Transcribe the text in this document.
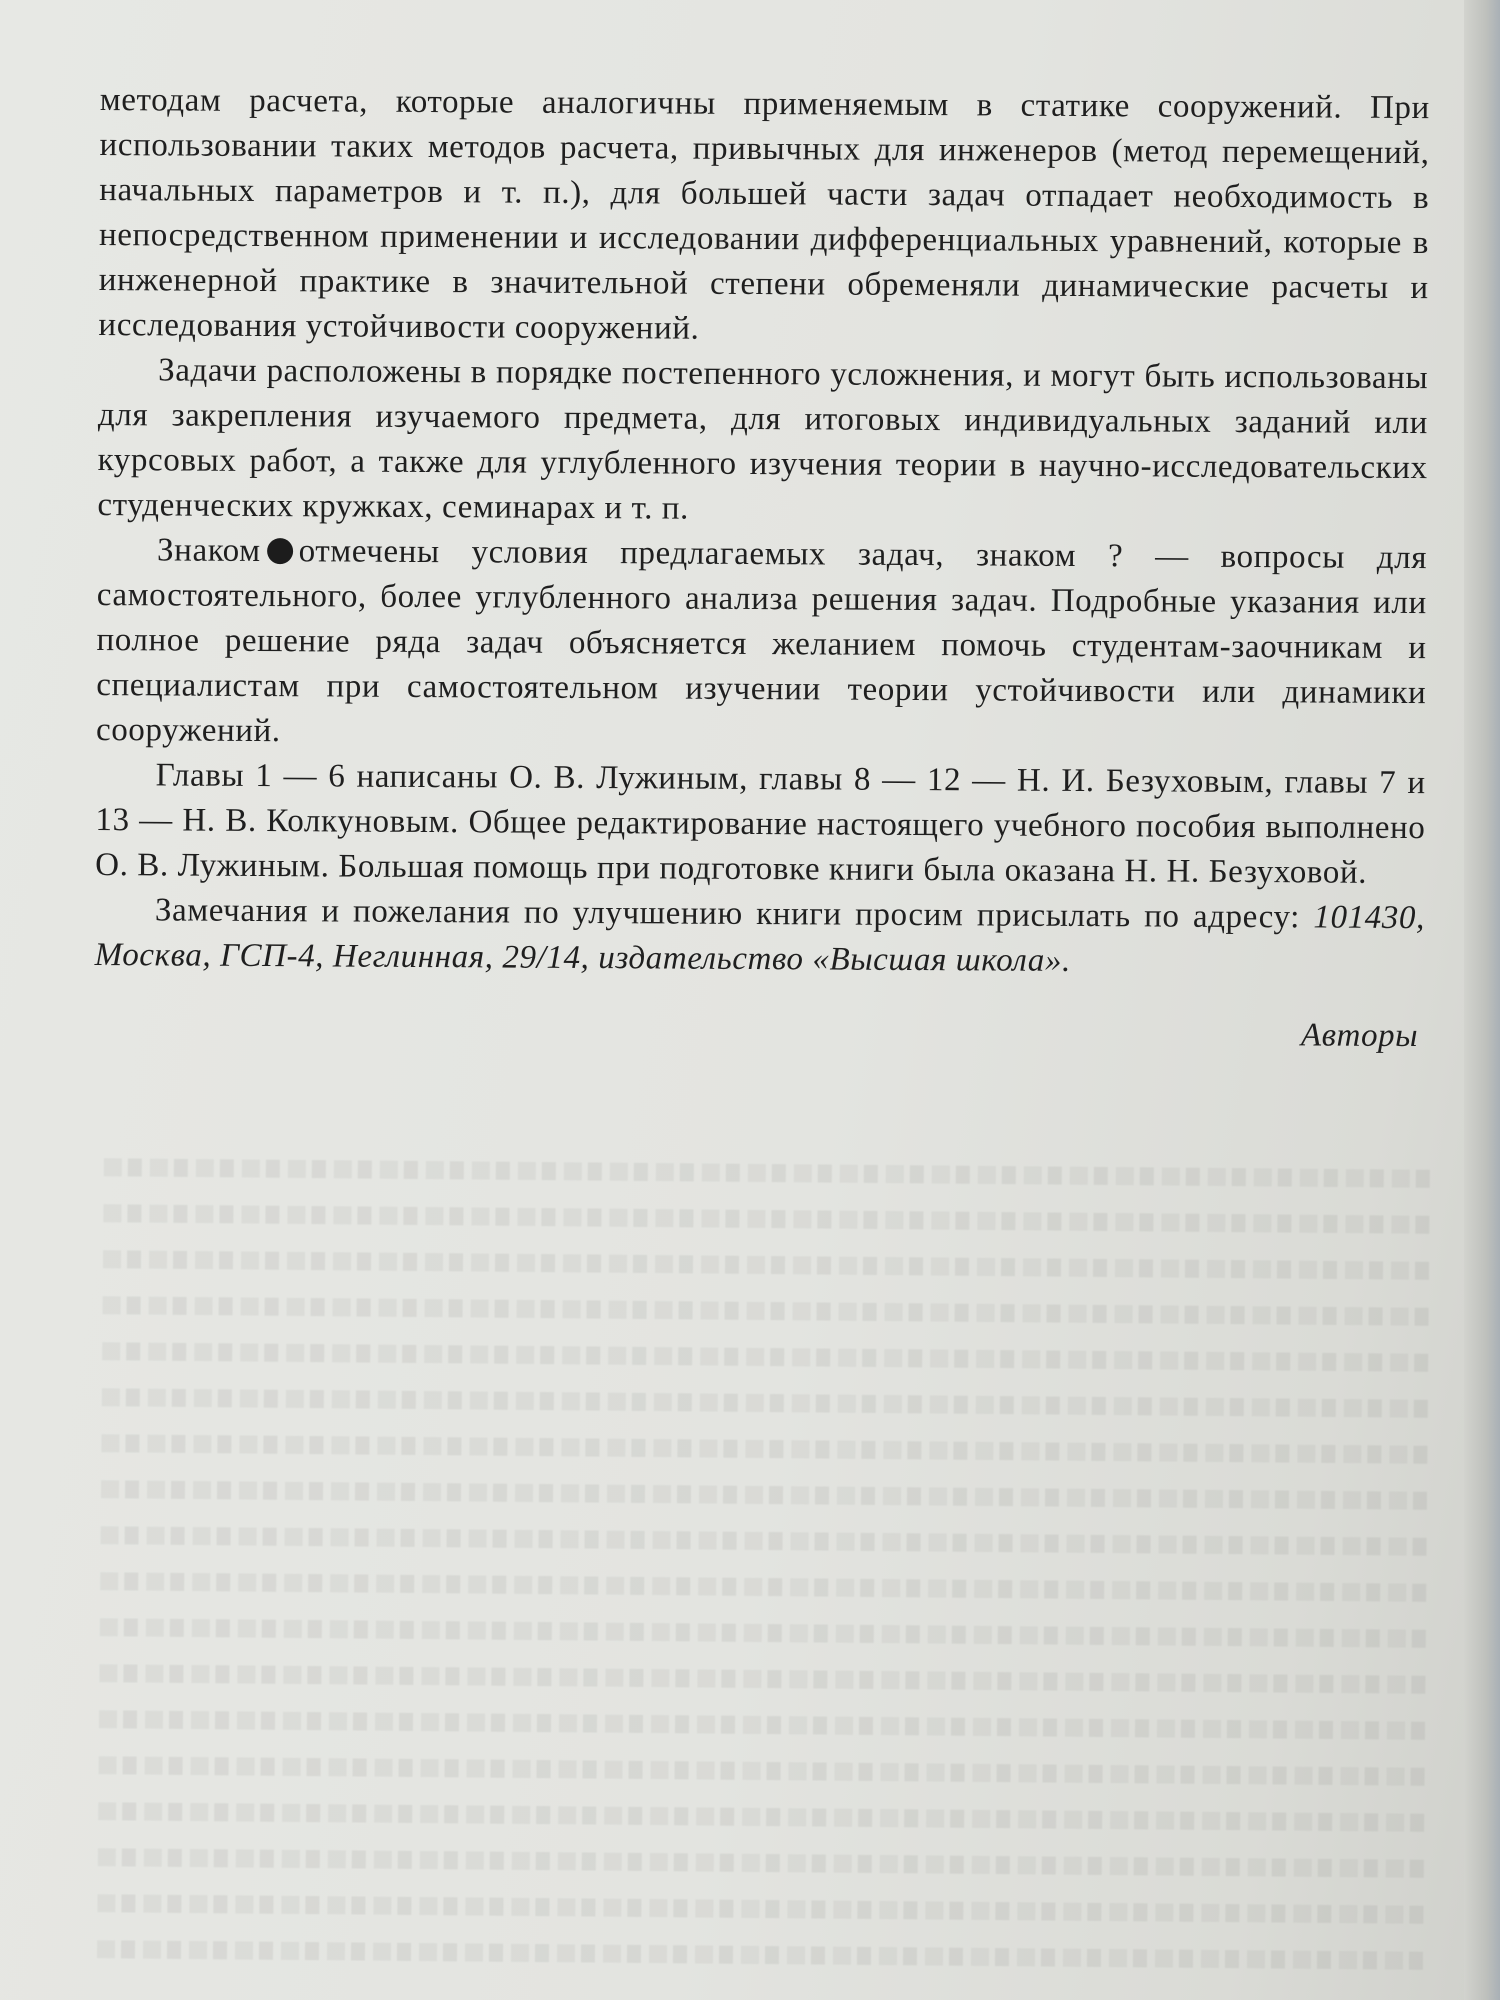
методам расчета, которые аналогичны применяемым в статике сооружений. При использовании таких методов расчета, привычных для инженеров (метод перемещений, начальных параметров и т. п.), для большей части задач отпадает необходимость в непосредственном применении и исследовании дифференциальных уравнений, которые в инженерной практике в значительной степени обременяли динамические расчеты и исследования устойчивости сооружений.

Задачи расположены в порядке постепенного усложнения, и могут быть использованы для закрепления изучаемого предмета, для итоговых индивидуальных заданий или курсовых работ, а также для углубленного изучения теории в научно-исследовательских студенческих кружках, семинарах и т. п.

Знаком отмечены условия предлагаемых задач, знаком ? — вопросы для самостоятельного, более углубленного анализа решения задач. Подробные указания или полное решение ряда задач объясняется желанием помочь студентам-заочникам и специалистам при самостоятельном изучении теории устойчивости или динамики сооружений.

Главы 1 — 6 написаны О. В. Лужиным, главы 8 — 12 — Н. И. Безуховым, главы 7 и 13 — Н. В. Колкуновым. Общее редактирование настоящего учебного пособия выполнено О. В. Лужиным. Большая помощь при подготовке книги была оказана Н. Н. Безуховой.

Замечания и пожелания по улучшению книги просим присылать по адресу: 101430, Москва, ГСП-4, Неглинная, 29/14, издательство «Высшая школа».

Авторы
